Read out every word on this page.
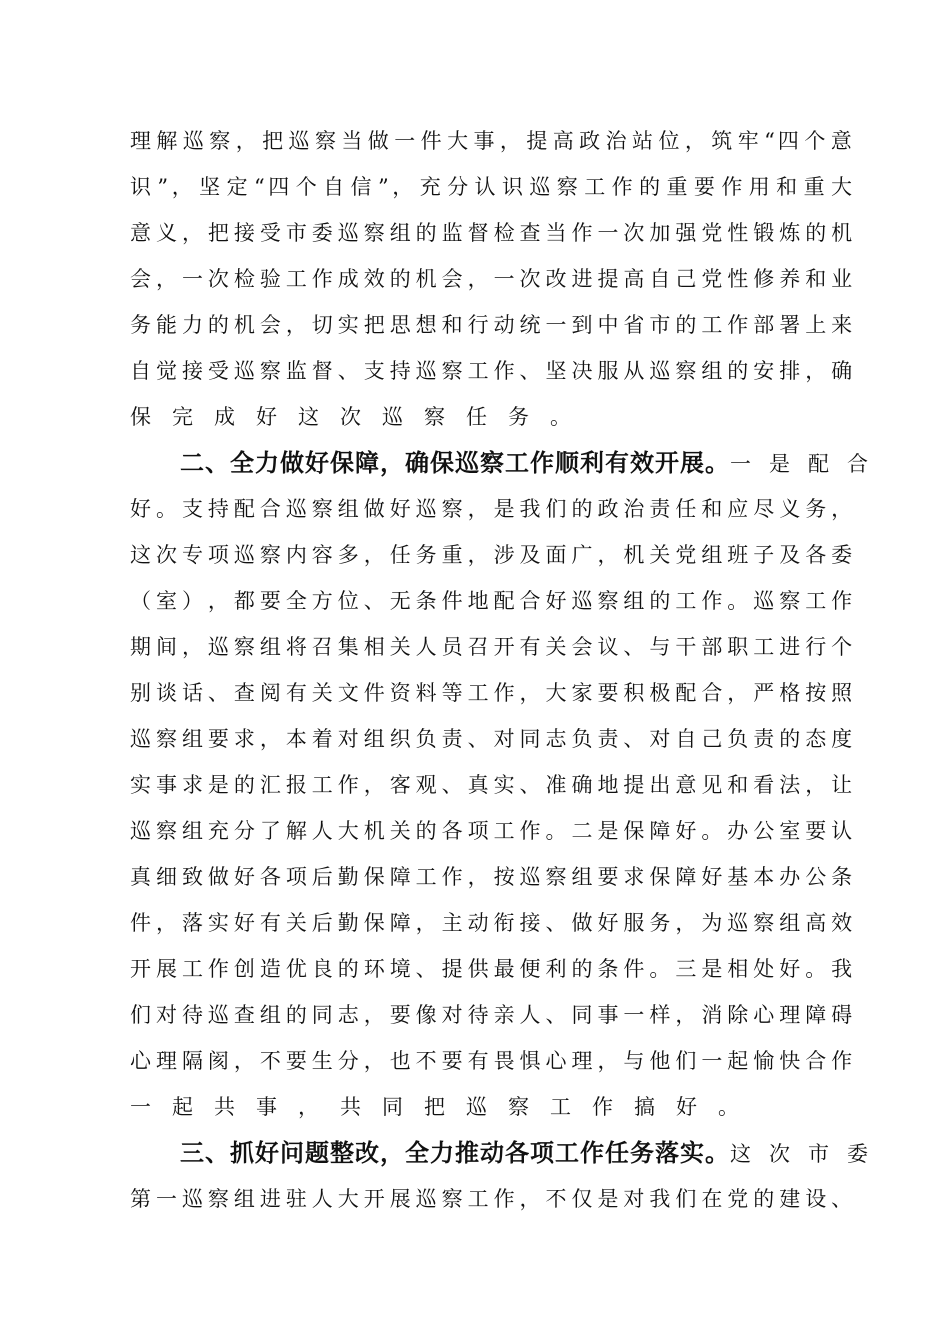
理 解 巡 察 ， 把 巡 察 当 做 一 件 大 事 ， 提 高 政 治 站 位 ， 筑 牢 “ 四 个 意
识 ” ， 坚 定 “ 四 个 自 信 ” ， 充 分 认 识 巡 察 工 作 的 重 要 作 用 和 重 大
意 义 ， 把 接 受 市 委 巡 察 组 的 监 督 检 查 当 作 一 次 加 强 党 性 锻 炼 的 机
会 ， 一 次 检 验 工 作 成 效 的 机 会 ， 一 次 改 进 提 高 自 己 党 性 修 养 和 业
务 能 力 的 机 会 ， 切 实 把 思 想 和 行 动 统 一 到 中 省 市 的 工 作 部 署 上 来
自 觉 接 受 巡 察 监 督 、 支 持 巡 察 工 作 、 坚 决 服 从 巡 察 组 的 安 排 ， 确
保完成好这次巡察任务。
二、全力做好保障，确保巡察工作顺利有效开展。一是配合
好 。 支 持 配 合 巡 察 组 做 好 巡 察 ， 是 我 们 的 政 治 责 任 和 应 尽 义 务 ，
这 次 专 项 巡 察 内 容 多 ， 任 务 重 ， 涉 及 面 广 ， 机 关 党 组 班 子 及 各 委
（ 室 ） ， 都 要 全 方 位 、 无 条 件 地 配 合 好 巡 察 组 的 工 作 。 巡 察 工 作
期 间 ， 巡 察 组 将 召 集 相 关 人 员 召 开 有 关 会 议 、 与 干 部 职 工 进 行 个
别 谈 话 、 查 阅 有 关 文 件 资 料 等 工 作 ， 大 家 要 积 极 配 合 ， 严 格 按 照
巡 察 组 要 求 ， 本 着 对 组 织 负 责 、 对 同 志 负 责 、 对 自 己 负 责 的 态 度
实 事 求 是 的 汇 报 工 作 ， 客 观 、 真 实 、 准 确 地 提 出 意 见 和 看 法 ， 让
巡 察 组 充 分 了 解 人 大 机 关 的 各 项 工 作 。 二 是 保 障 好 。 办 公 室 要 认
真 细 致 做 好 各 项 后 勤 保 障 工 作 ， 按 巡 察 组 要 求 保 障 好 基 本 办 公 条
件 ， 落 实 好 有 关 后 勤 保 障 ， 主 动 衔 接 、 做 好 服 务 ， 为 巡 察 组 高 效
开 展 工 作 创 造 优 良 的 环 境 、 提 供 最 便 利 的 条 件 。 三 是 相 处 好 。 我
们 对 待 巡 查 组 的 同 志 ， 要 像 对 待 亲 人 、 同 事 一 样 ， 消 除 心 理 障 碍
心 理 隔 阂 ， 不 要 生 分 ， 也 不 要 有 畏 惧 心 理 ， 与 他 们 一 起 愉 快 合 作
一起共事，共同把巡察工作搞好。
三、抓好问题整改，全力推动各项工作任务落实。这次市委
第 一 巡 察 组 进 驻 人 大 开 展 巡 察 工 作 ， 不 仅 是 对 我 们 在 党 的 建 设 、
